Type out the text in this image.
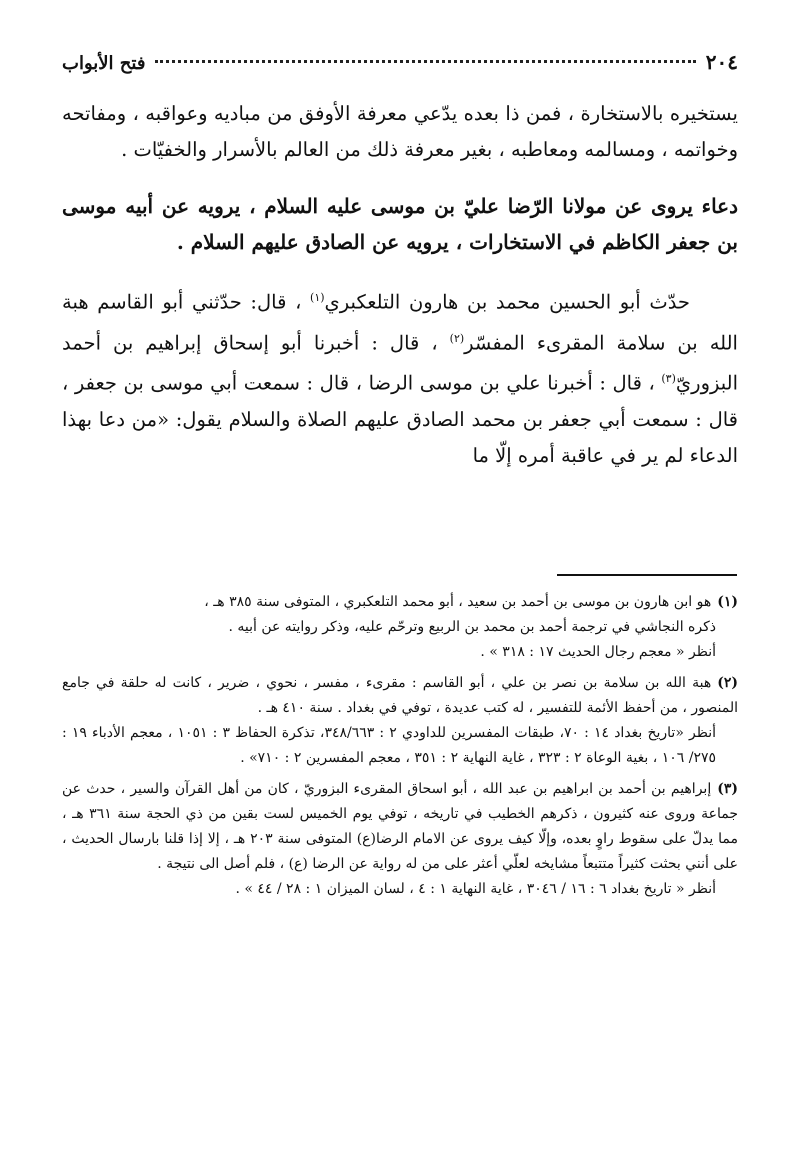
٢٠٤
فتح الأبواب

يستخيره بالاستخارة ، فمن ذا بعده يدّعي معرفة الأوفق من مباديه وعواقبه ، ومفاتحه وخواتمه ، ومسالمه ومعاطبه ، بغير معرفة ذلك من العالم بالأسرار والخفيّات .

دعاء يروى عن مولانا الرّضا عليّ بن موسى عليه السلام ، يرويه عن أبيه موسى بن جعفر الكاظم في الاستخارات ، يرويه عن الصادق عليهم السلام .

حدّث أبو الحسين محمد بن هارون التلعكبري$^{(١)}$ ، قال: حدّثني أبو القاسم هبة الله بن سلامة المقرىء المفسّر$^{(٢)}$ ، قال : أخبرنا أبو إسحاق إبراهيم بن أحمد البزوريّ$^{(٣)}$ ، قال : أخبرنا علي بن موسى الرضا ، قال : سمعت أبي موسى بن جعفر ، قال : سمعت أبي جعفر بن محمد الصادق عليهم الصلاة والسلام يقول: «من دعا بهذا الدعاء لم ير في عاقبة أمره إلّا ما

(١)هو ابن هارون بن موسى بن أحمد بن سعيد ، أبو محمد التلعكبري ، المتوفى سنة ٣٨٥ هـ ،
ذكره النجاشي في ترجمة أحمد بن محمد بن الربيع وترحّم عليه، وذكر روايته عن أبيه .
أنظر « معجم رجال الحديث ١٧ : ٣١٨ » .
(٢)هبة الله بن سلامة بن نصر بن علي ، أبو القاسم : مقرىء ، مفسر ، نحوي ، ضرير ، كانت له حلقة في جامع المنصور ، من أحفظ الأئمة للتفسير ، له كتب عديدة ، توفي في بغداد . سنة ٤١٠ هـ .
أنظر «تاريخ بغداد ١٤ : ٧٠، طبقات المفسرين للداودي ٢ : ٣٤٨/٦٦٣، تذكرة الحفاظ ٣ : ١٠٥١ ، معجم الأدباء ١٩ : ٢٧٥/ ١٠٦ ، بغية الوعاة ٢ : ٣٢٣ ، غاية النهاية ٢ : ٣٥١ ، معجم المفسرين ٢ : ٧١٠» .
(٣)إبراهيم بن أحمد بن ابراهيم بن عبد الله ، أبو اسحاق المقرىء البزوريّ ، كان من أهل القرآن والسير ، حدث عن جماعة وروى عنه كثيرون ، ذكرهم الخطيب في تاريخه ، توفي يوم الخميس لست بقين من ذي الحجة سنة ٣٦١ هـ ، مما يدلّ على سقوط راوٍ بعده، وإلّا كيف يروى عن الامام الرضا(ع) المتوفى سنة ٢٠٣ هـ ، إلا إذا قلنا بارسال الحديث ، على أنني بحثت كثيراً متتبعاً مشايخه لعلّي أعثر على من له رواية عن الرضا (ع) ، فلم أصل الى نتيجة .
أنظر « تاريخ بغداد ٦ : ١٦ / ٣٠٤٦ ، غاية النهاية ١ : ٤ ، لسان الميزان ١ : ٢٨ / ٤٤ » .
